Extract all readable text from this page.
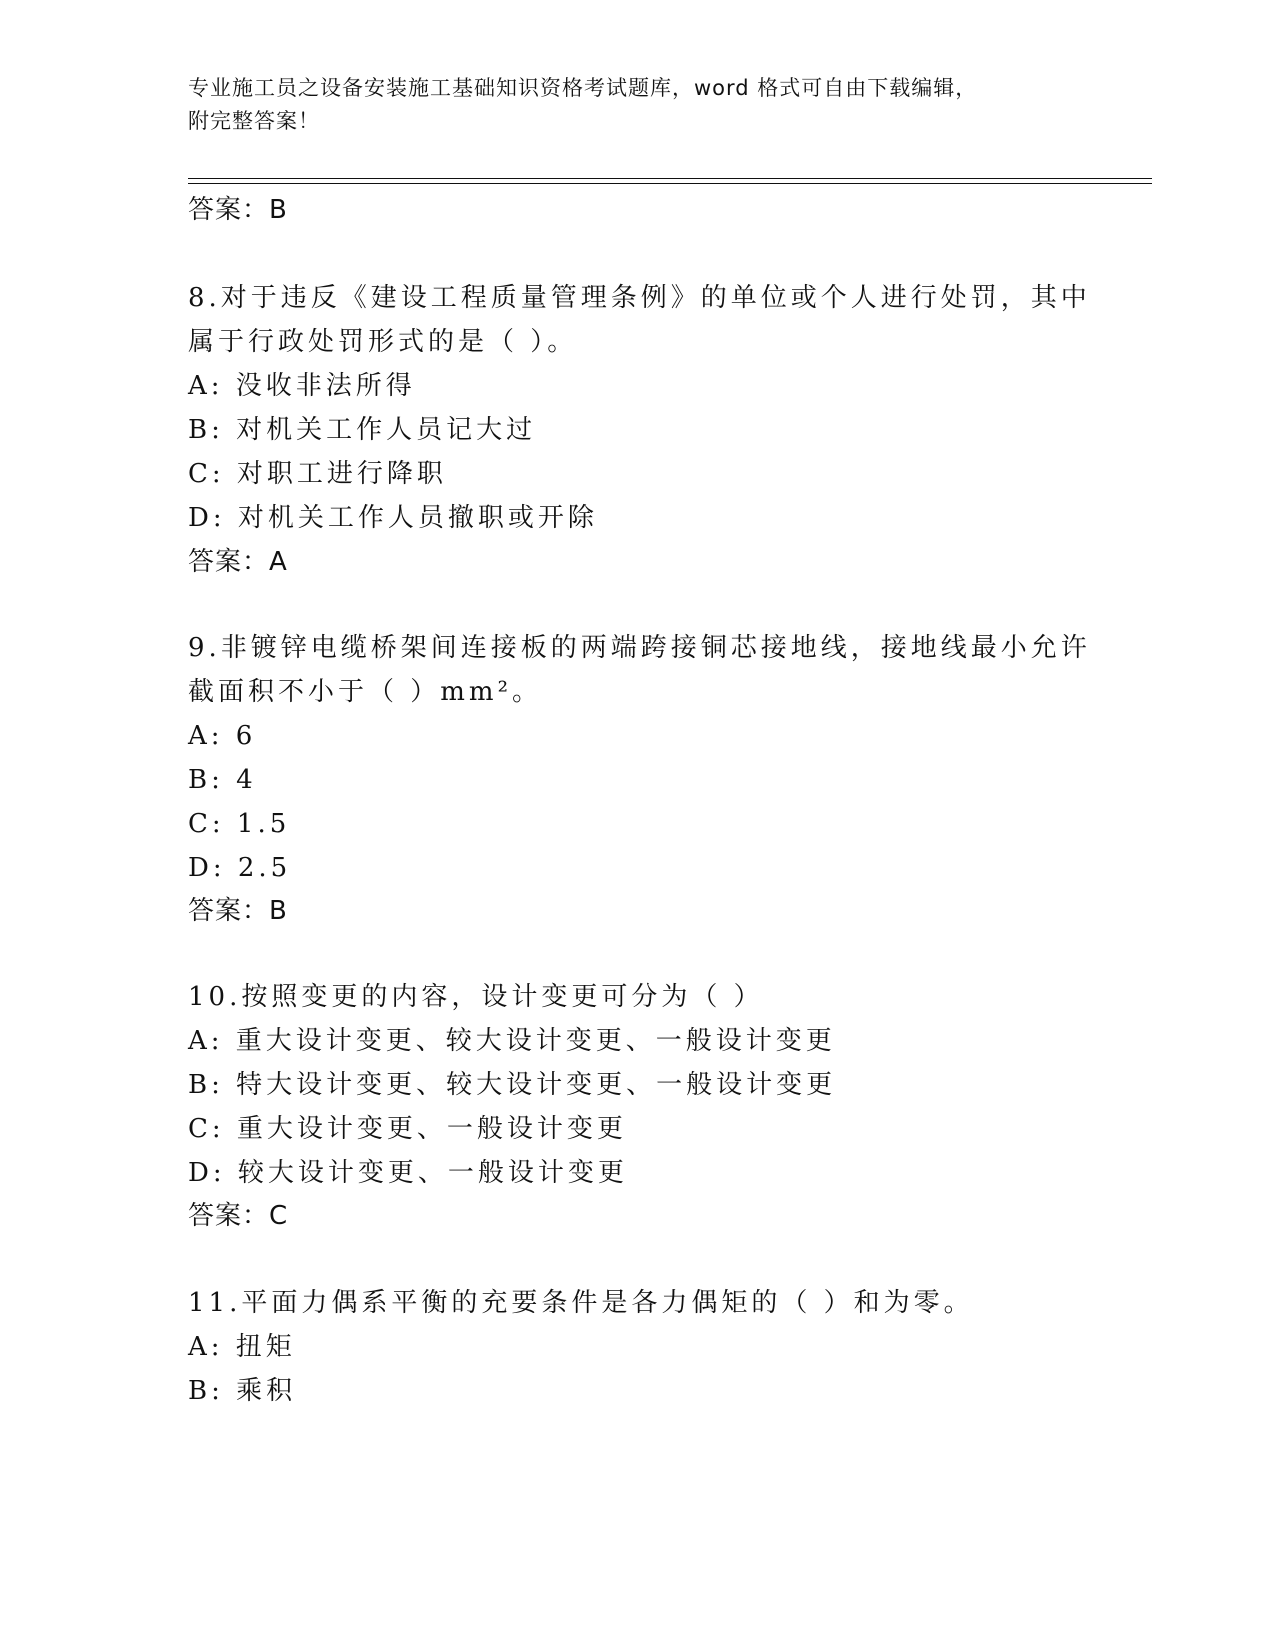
专业施工员之设备安装施工基础知识资格考试题库，word 格式可自由下载编辑，
附完整答案！
答案：B
8.对于违反《建设工程质量管理条例》的单位或个人进行处罚，其中
属于行政处罚形式的是（ ）。
A: 没收非法所得
B: 对机关工作人员记大过
C: 对职工进行降职
D: 对机关工作人员撤职或开除
答案：A
9.非镀锌电缆桥架间连接板的两端跨接铜芯接地线，接地线最小允许
截面积不小于（ ）mm²。
A: 6
B: 4
C: 1.5
D: 2.5
答案：B
10.按照变更的内容，设计变更可分为（ ）
A: 重大设计变更、较大设计变更、一般设计变更
B: 特大设计变更、较大设计变更、一般设计变更
C: 重大设计变更、一般设计变更
D: 较大设计变更、一般设计变更
答案：C
11.平面力偶系平衡的充要条件是各力偶矩的（ ）和为零。
A: 扭矩
B: 乘积
